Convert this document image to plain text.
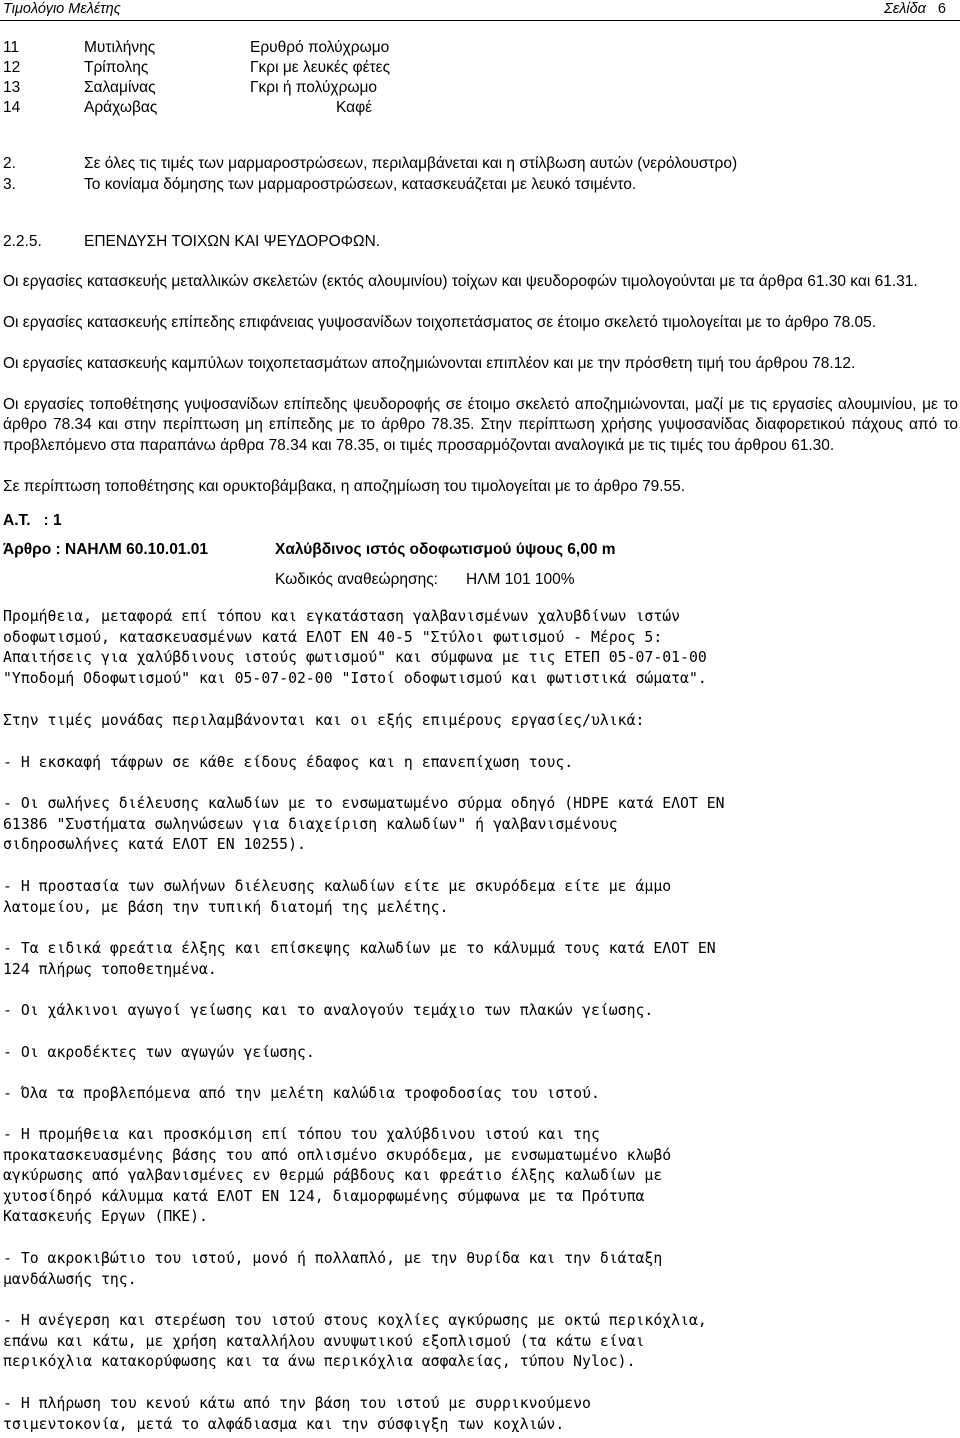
Τιμολόγιο Μελέτης	Σελίδα 6
11	Μυτιλήνης	Ερυθρό πολύχρωμο
12	Τρίπολης	Γκρι με λευκές φέτες
13	Σαλαμίνας	Γκρι ή πολύχρωμο
14	Αράχωβας	Καφέ
2.	Σε όλες τις τιμές των μαρμαροστρώσεων, περιλαμβάνεται και η στίλβωση αυτών (νερόλουστρο)
3.	Το κονίαμα δόμησης των μαρμαροστρώσεων, κατασκευάζεται με λευκό τσιμέντο.
2.2.5.	ΕΠΕΝΔΥΣΗ ΤΟΙΧΩΝ ΚΑΙ ΨΕΥΔΟΡΟΦΩΝ.
Οι εργασίες κατασκευής μεταλλικών σκελετών (εκτός αλουμινίου) τοίχων και ψευδοροφών τιμολογούνται με τα άρθρα 61.30 και 61.31.
Οι εργασίες κατασκευής επίπεδης επιφάνειας γυψοσανίδων τοιχοπετάσματος σε έτοιμο σκελετό τιμολογείται με το άρθρο 78.05.
Οι εργασίες κατασκευής καμπύλων τοιχοπετασμάτων αποζημιώνονται επιπλέον και με την πρόσθετη τιμή του άρθρου 78.12.
Οι εργασίες τοποθέτησης γυψοσανίδων επίπεδης ψευδοροφής σε έτοιμο σκελετό αποζημιώνονται, μαζί με τις εργασίες αλουμινίου, με το άρθρο 78.34 και στην περίπτωση μη επίπεδης με το άρθρο 78.35. Στην περίπτωση χρήσης γυψοσανίδας διαφορετικού πάχους από το προβλεπόμενο στα παραπάνω άρθρα 78.34 και 78.35, οι τιμές προσαρμόζονται αναλογικά με τις τιμές του άρθρου 61.30.
Σε περίπτωση τοποθέτησης και ορυκτοβάμβακα, η αποζημίωση του τιμολογείται με το άρθρο 79.55.
Α.Τ.   : 1
Άρθρο : ΝΑΗΛΜ 60.10.01.01	Χαλύβδινος ιστός οδοφωτισμού ύψους 6,00 m
Κωδικός αναθεώρησης: ΗΛΜ 101 100%
Προμήθεια, μεταφορά επί τόπου και εγκατάσταση γαλβανισμένων χαλυβδίνων ιστών
οδοφωτισμού, κατασκευασμένων κατά ΕΛΟΤ ΕΝ 40-5 "Στύλοι φωτισμού - Μέρος 5:
Απαιτήσεις για χαλύβδινους ιστούς φωτισμού" και σύμφωνα με τις ΕΤΕΠ 05-07-01-00
"Υποδομή Οδοφωτισμού" και 05-07-02-00 "Ιστοί οδοφωτισμού και φωτιστικά σώματα".
Στην τιμές μονάδας περιλαμβάνονται και οι εξής επιμέρους εργασίες/υλικά:
- Η εκσκαφή τάφρων σε κάθε είδους έδαφος και η επανεπίχωση τους.
- Οι σωλήνες διέλευσης καλωδίων με το ενσωματωμένο σύρμα οδηγό (HDPE κατά ΕΛΟΤ ΕΝ
61386 "Συστήματα σωληνώσεων για διαχείριση καλωδίων" ή γαλβανισμένους
σιδηροσωλήνες κατά ΕΛΟΤ ΕΝ 10255).
- Η προστασία των σωλήνων διέλευσης καλωδίων είτε με σκυρόδεμα είτε με άμμο
λατομείου, με βάση την τυπική διατομή της μελέτης.
- Τα ειδικά φρεάτια έλξης και επίσκεψης καλωδίων με το κάλυμμά τους κατά ΕΛΟΤ ΕΝ
124 πλήρως τοποθετημένα.
- Οι χάλκινοι αγωγοί γείωσης και το αναλογούν τεμάχιο των πλακών γείωσης.
- Οι ακροδέκτες των αγωγών γείωσης.
- Όλα τα προβλεπόμενα από την μελέτη καλώδια τροφοδοσίας του ιστού.
- Η προμήθεια και προσκόμιση επί τόπου του χαλύβδινου ιστού και της
προκατασκευασμένης βάσης του από οπλισμένο σκυρόδεμα, με ενσωματωμένο κλωβό
αγκύρωσης από γαλβανισμένες εν θερμώ ράβδους και φρεάτιο έλξης καλωδίων με
χυτοσίδηρό κάλυμμα κατά ΕΛΟΤ ΕΝ 124, διαμορφωμένης σύμφωνα με τα Πρότυπα
Κατασκευής Εργων (ΠΚΕ).
- Το ακροκιβώτιο του ιστού, μονό ή πολλαπλό, με την θυρίδα και την διάταξη
μανδάλωσής της.
- Η ανέγερση και στερέωση του ιστού στους κοχλίες αγκύρωσης με οκτώ περικόχλια,
επάνω και κάτω, με χρήση καταλλήλου ανυψωτικού εξοπλισμού (τα κάτω είναι
περικόχλια κατακορύφωσης και τα άνω περικόχλια ασφαλείας, τύπου Nylοc).
- Η πλήρωση του κενού κάτω από την βάση του ιστού με συρρικνούμενο
τσιμεντοκονία, μετά το αλφάδιασμα και την σύσφιγξη των κοχλιών.
